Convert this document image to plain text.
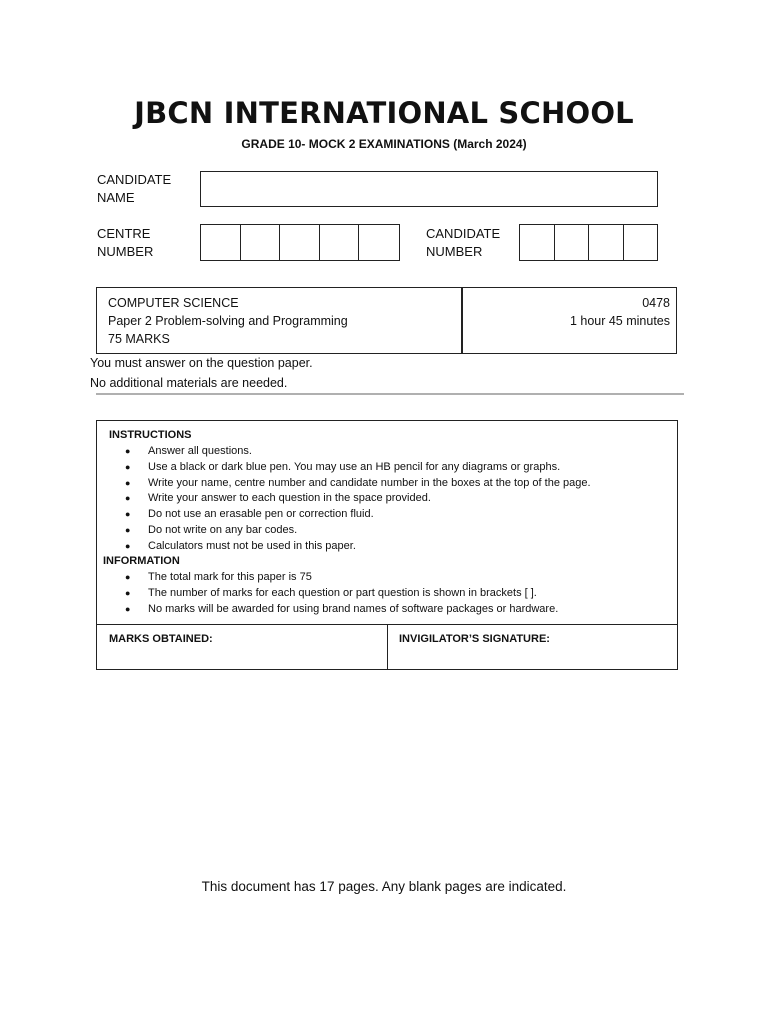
JBCN INTERNATIONAL SCHOOL
GRADE 10- MOCK 2 EXAMINATIONS (March 2024)
CANDIDATE
NAME
CENTRE
NUMBER
CANDIDATE
NUMBER
COMPUTER SCIENCE
Paper 2 Problem-solving and Programming
75 MARKS
0478
1 hour 45 minutes
You must answer on the question paper.
No additional materials are needed.
INSTRUCTIONS
● Answer all questions.
● Use a black or dark blue pen. You may use an HB pencil for any diagrams or graphs.
● Write your name, centre number and candidate number in the boxes at the top of the page.
● Write your answer to each question in the space provided.
● Do not use an erasable pen or correction fluid.
● Do not write on any bar codes.
● Calculators must not be used in this paper.
INFORMATION
● The total mark for this paper is 75
● The number of marks for each question or part question is shown in brackets [ ].
● No marks will be awarded for using brand names of software packages or hardware.
MARKS OBTAINED:	INVIGILATOR’S SIGNATURE:
This document has 17 pages. Any blank pages are indicated.
